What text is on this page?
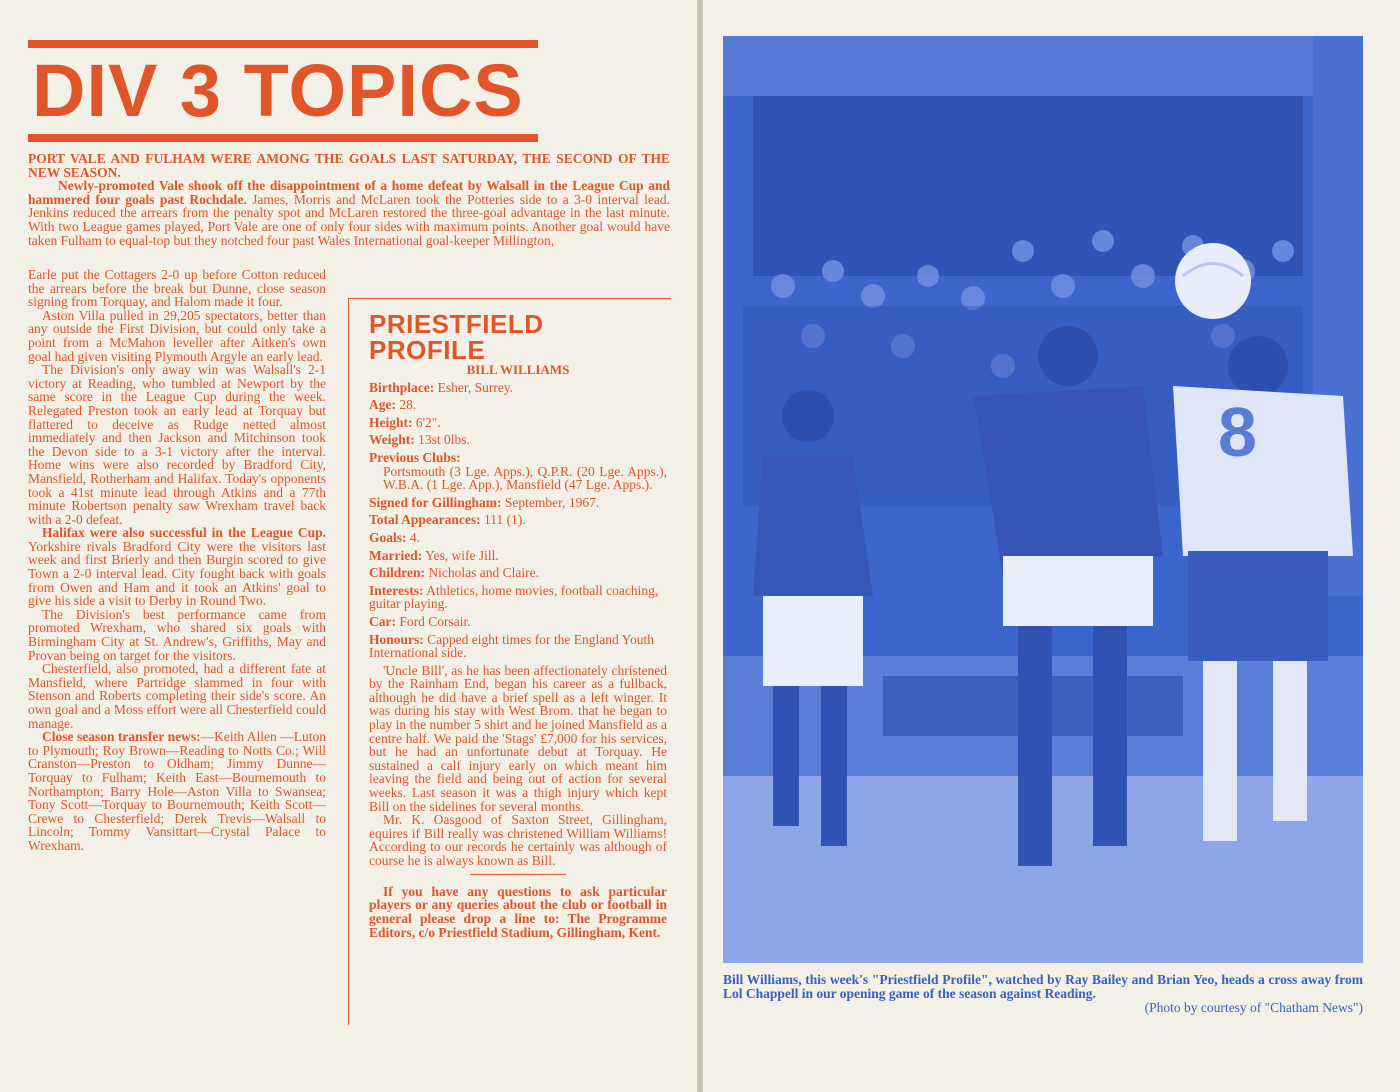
DIV 3 TOPICS

PORT VALE AND FULHAM WERE AMONG THE GOALS LAST SATURDAY, THE SECOND OF THE NEW SEASON.

Newly-promoted Vale shook off the disappointment of a home defeat by Walsall in the League Cup and hammered four goals past Rochdale. James, Morris and McLaren took the Potteries side to a 3-0 interval lead. Jenkins reduced the arrears from the penalty spot and McLaren restored the three-goal advantage in the last minute. With two League games played, Port Vale are one of only four sides with maximum points. Another goal would have taken Fulham to equal-top but they notched four past Wales International goal-keeper Millington,

Earle put the Cottagers 2-0 up before Cotton reduced the arrears before the break but Dunne, close season signing from Torquay, and Halom made it four.

Aston Villa pulled in 29,205 spectators, better than any outside the First Division, but could only take a point from a McMahon leveller after Aitken's own goal had given visiting Plymouth Argyle an early lead.

The Division's only away win was Walsall's 2-1 victory at Reading, who tumbled at Newport by the same score in the League Cup during the week. Relegated Preston took an early lead at Torquay but flattered to deceive as Rudge netted almost immediately and then Jackson and Mitchinson took the Devon side to a 3-1 victory after the interval. Home wins were also recorded by Bradford City, Mansfield, Rotherham and Halifax. Today's opponents took a 41st minute lead through Atkins and a 77th minute Robertson penalty saw Wrexham travel back with a 2-0 defeat.

Halifax were also successful in the League Cup. Yorkshire rivals Bradford City were the visitors last week and first Brierly and then Burgin scored to give Town a 2-0 interval lead. City fought back with goals from Owen and Ham and it took an Atkins' goal to give his side a visit to Derby in Round Two.

The Division's best performance came from promoted Wrexham, who shared six goals with Birmingham City at St. Andrew's, Griffiths, May and Provan being on target for the visitors.

Chesterfield, also promoted, had a different fate at Mansfield, where Partridge slammed in four with Stenson and Roberts completing their side's score. An own goal and a Moss effort were all Chesterfield could manage.

Close season transfer news:—Keith Allen —Luton to Plymouth; Roy Brown—Reading to Notts Co.; Will Cranston—Preston to Oldham; Jimmy Dunne—Torquay to Fulham; Keith East—Bournemouth to Northampton; Barry Hole—Aston Villa to Swansea; Tony Scott—Torquay to Bournemouth; Keith Scott—Crewe to Chesterfield; Derek Trevis—Walsall to Lincoln; Tommy Vansittart—Crystal Palace to Wrexham.

PRIESTFIELD
PROFILE
BILL WILLIAMS
Birthplace: Esher, Surrey.
Age: 28.
Height: 6'2".
Weight: 13st 0lbs.
Previous Clubs:
Portsmouth (3 Lge. Apps.), Q.P.R. (20 Lge. Apps.), W.B.A. (1 Lge. App.), Mansfield (47 Lge. Apps.).
Signed for Gillingham: September, 1967.
Total Appearances: 111 (1).
Goals: 4.
Married: Yes, wife Jill.
Children: Nicholas and Claire.
Interests: Athletics, home movies, football coaching, guitar playing.
Car: Ford Corsair.
Honours: Capped eight times for the England Youth International side.

'Uncle Bill', as he has been affectionately christened by the Rainham End, began his career as a fullback, although he did have a brief spell as a left winger. It was during his stay with West Brom. that he began to play in the number 5 shirt and he joined Mansfield as a centre half. We paid the 'Stags' £7,000 for his services, but he had an unfortunate debut at Torquay. He sustained a calf injury early on which meant him leaving the field and being out of action for several weeks. Last season it was a thigh injury which kept Bill on the sidelines for several months.

Mr. K. Oasgood of Saxton Street, Gillingham, equires if Bill really was christened William Williams! According to our records he certainly was although of course he is always known as Bill.

If you have any questions to ask particular players or any queries about the club or football in general please drop a line to: The Programme Editors, c/o Priestfield Stadium, Gillingham, Kent.

8

Bill Williams, this week's "Priestfield Profile", watched by Ray Bailey and Brian Yeo, heads a cross away from Lol Chappell in our opening game of the season against Reading.

(Photo by courtesy of "Chatham News")
